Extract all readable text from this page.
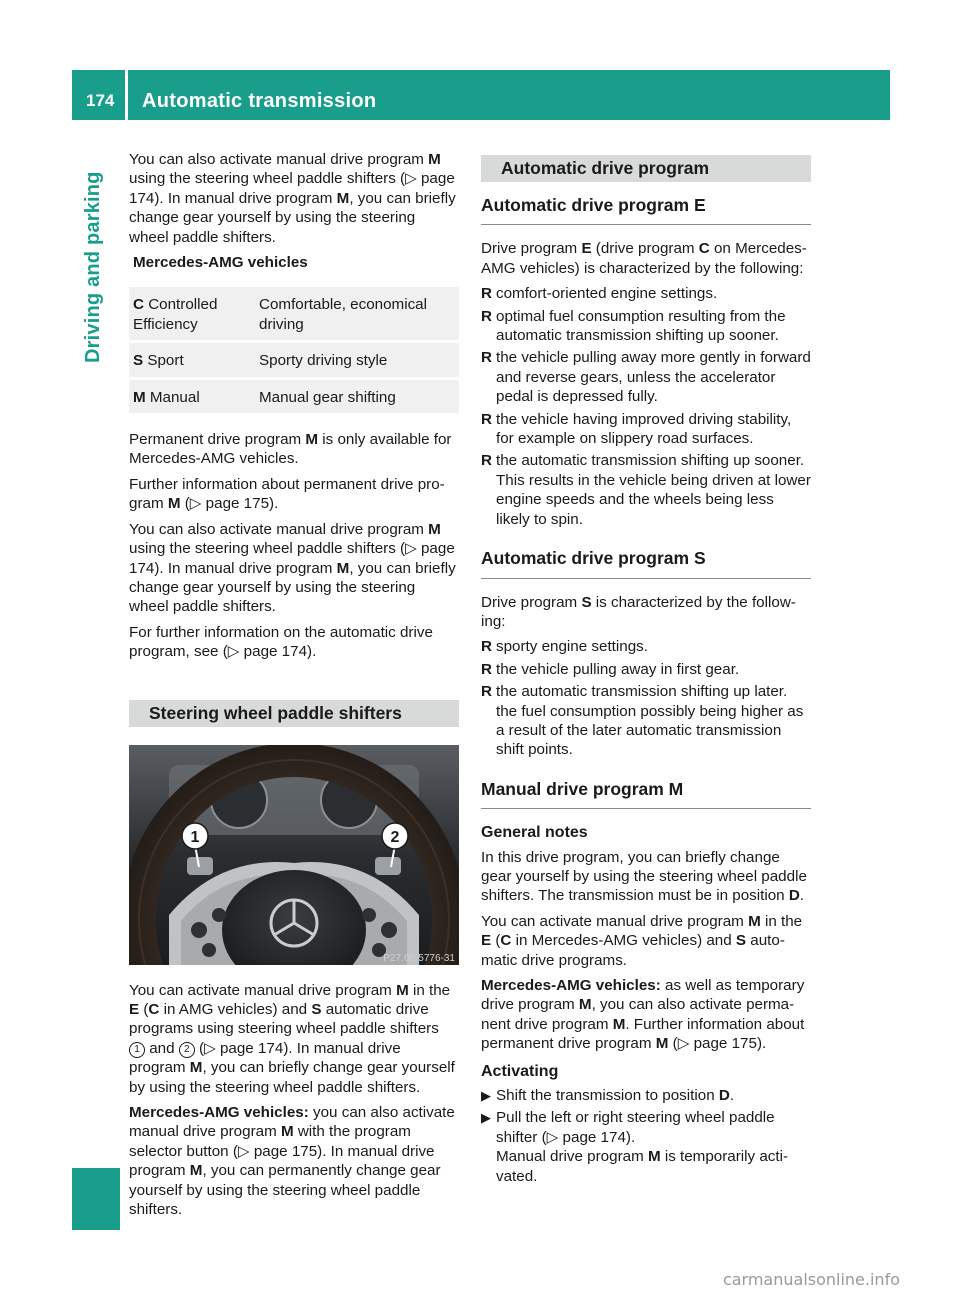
174 Automatic transmission
Driving and parking

You can also activate manual drive program M using the steering wheel paddle shifters (▷ page 174). In manual drive program M, you can briefly change gear yourself by using the steering wheel paddle shifters.

Mercedes-AMG vehicles
C Controlled Efficiency	Comfortable, economical driving
S Sport	Sporty driving style
M Manual	Manual gear shifting

Permanent drive program M is only available for Mercedes-AMG vehicles.

Further information about permanent drive program M (▷ page 175).

You can also activate manual drive program M using the steering wheel paddle shifters (▷ page 174). In manual drive program M, you can briefly change gear yourself by using the steering wheel paddle shifters.

For further information on the automatic drive program, see (▷ page 174).

Steering wheel paddle shifters
1	2
P27.60-5776-31

You can activate manual drive program M in the E (C in AMG vehicles) and S automatic drive programs using steering wheel paddle shifters 1 and 2 (▷ page 174). In manual drive program M, you can briefly change gear yourself by using the steering wheel paddle shifters.

Mercedes-AMG vehicles: you can also activate manual drive program M with the program selector button (▷ page 175). In manual drive program M, you can permanently change gear yourself by using the steering wheel paddle shifters.

Automatic drive program
Automatic drive program E

Drive program E (drive program C on Mercedes-AMG vehicles) is characterized by the following:

R comfort-oriented engine settings.
R optimal fuel consumption resulting from the automatic transmission shifting up sooner.
R the vehicle pulling away more gently in forward and reverse gears, unless the accelerator pedal is depressed fully.
R the vehicle having improved driving stability, for example on slippery road surfaces.
R the automatic transmission shifting up sooner. This results in the vehicle being driven at lower engine speeds and the wheels being less likely to spin.
Automatic drive program S

Drive program S is characterized by the following:

R sporty engine settings.
R the vehicle pulling away in first gear.
R the automatic transmission shifting up later. the fuel consumption possibly being higher as a result of the later automatic transmission shift points.
Manual drive program M
General notes

In this drive program, you can briefly change gear yourself by using the steering wheel paddle shifters. The transmission must be in position D.

You can activate manual drive program M in the E (C in Mercedes-AMG vehicles) and S automatic drive programs.

Mercedes-AMG vehicles: as well as temporary drive program M, you can also activate permanent drive program M. Further information about permanent drive program M (▷ page 175).

Activating
▶ Shift the transmission to position D.
▶ Pull the left or right steering wheel paddle shifter (▷ page 174).
Manual drive program M is temporarily activated.
carmanualsonline.info
